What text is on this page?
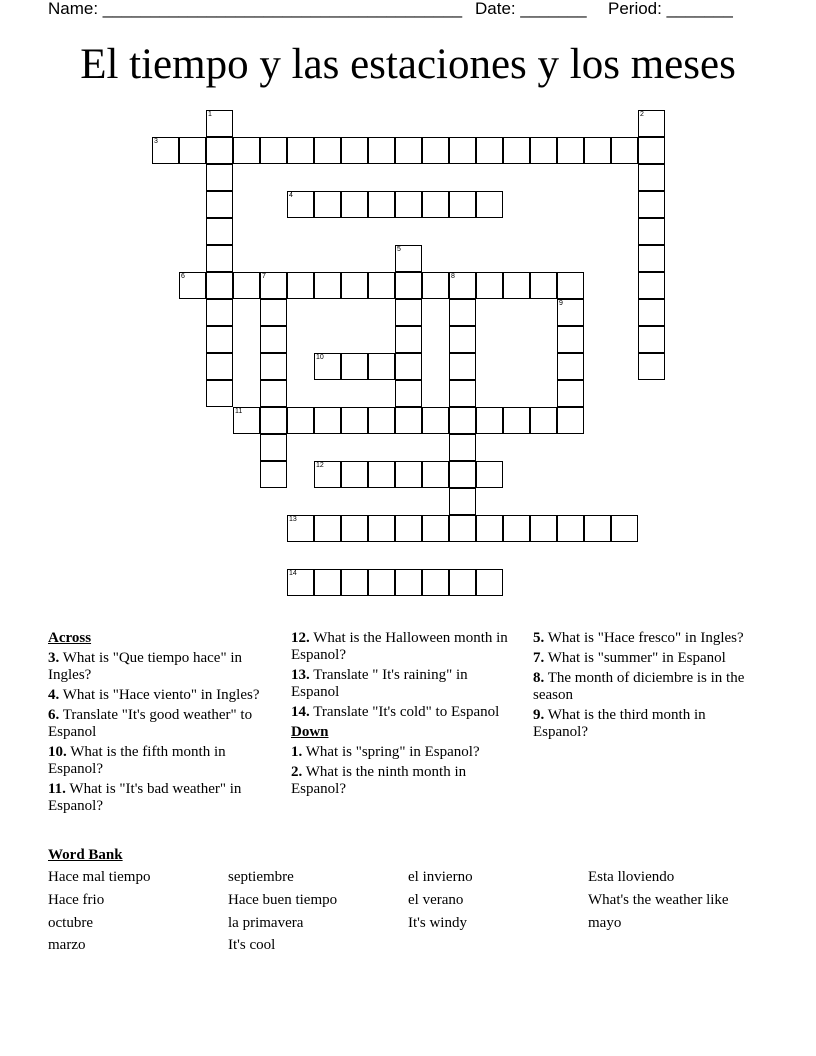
Name: ______________________________________ Date: _______ Period: _______
El tiempo y las estaciones y los meses
3
4
6	7	8
10
11
12
13
14
1	2
5
9
Across
3. What is "Que tiempo hace" in Ingles?
4. What is "Hace viento" in Ingles?
6. Translate "It's good weather" to Espanol
10. What is the fifth month in Espanol?
11. What is "It's bad weather" in Espanol?
12. What is the Halloween month in Espanol?
13. Translate " It's raining" in Espanol
14. Translate "It's cold" to Espanol
Down
1. What is "spring" in Espanol?
2. What is the ninth month in Espanol?
5. What is "Hace fresco" in Ingles?
7. What is "summer" in Espanol
8. The month of diciembre is in the season
9. What is the third month in Espanol?
Word Bank
Hace mal tiempo	septiembre	el invierno	Esta lloviendo
Hace frio	Hace buen tiempo	el verano	What's the weather like
octubre	la primavera	It's windy	mayo
marzo	It's cool
